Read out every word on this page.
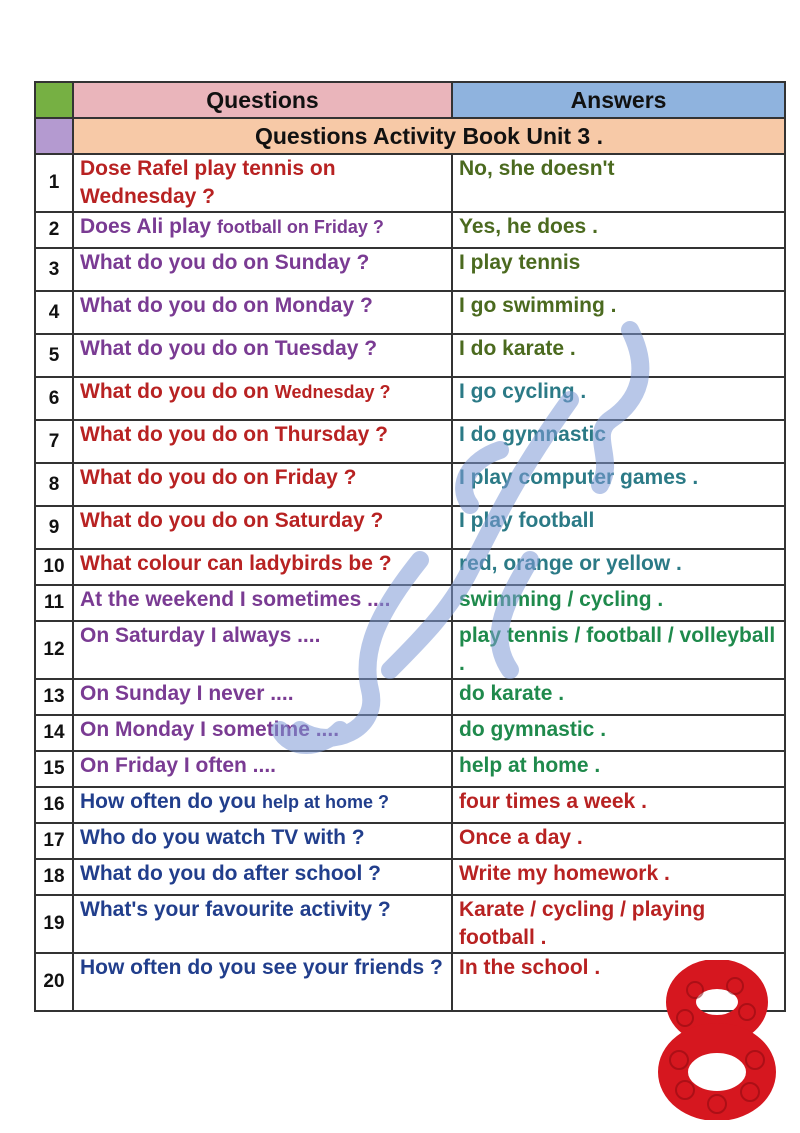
	Questions	Answers
	Questions Activity Book Unit 3 .	
1	Dose Rafel play tennis on Wednesday ?	No, she doesn't
2	Does Ali play football on Friday ?	Yes, he does .
3	What do you do on Sunday ?	I play tennis
4	What do you do on Monday ?	I go swimming .
5	What do you do on Tuesday ?	I do karate .
6	What do you do on Wednesday ?	I go cycling .
7	What do you do on Thursday ?	I do gymnastic
8	What do you do on Friday ?	I play computer games .
9	What do you do on Saturday ?	I play football
10	What colour can ladybirds be ?	red, orange or yellow .
11	At the weekend I sometimes ....	swimming / cycling .
12	On Saturday I always ....	play tennis / football / volleyball .
13	On Sunday I never ....	do karate .
14	On Monday I sometime ....	do gymnastic .
15	On Friday I often ....	help at home .
16	How often do you help at home ?	four times a week .
17	Who do you watch TV with ?	Once a day .
18	What do you do after school ?	Write my homework .
19	What's your favourite activity ?	Karate / cycling / playing football .
20	How often do you see your friends ?	In the school .
